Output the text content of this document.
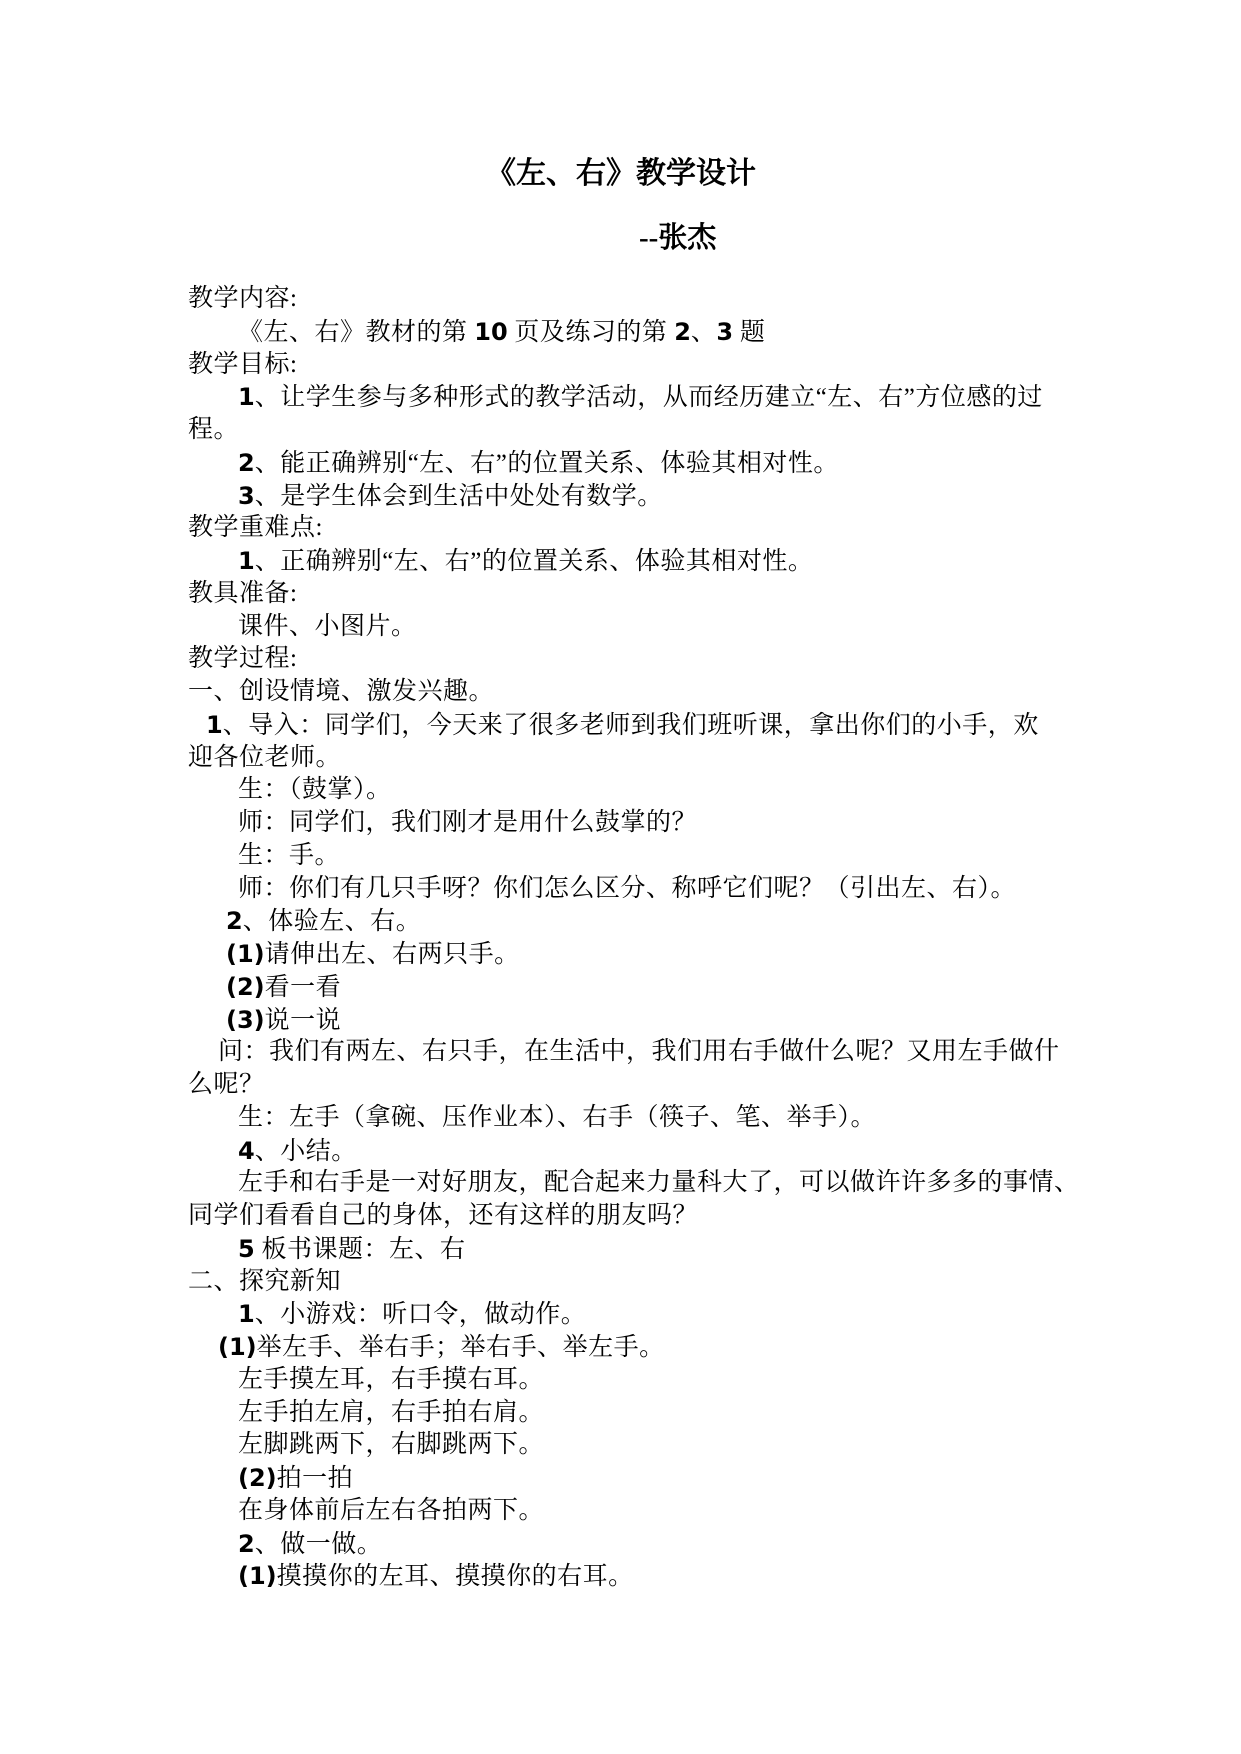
《左、右》教学设计
--张杰
教学内容:
《左、右》教材的第 10 页及练习的第 2、3 题
教学目标:
1、让学生参与多种形式的教学活动，从而经历建立“左、右”方位感的过
程。
2、能正确辨别“左、右”的位置关系、体验其相对性。
3、是学生体会到生活中处处有数学。
教学重难点:
1、正确辨别“左、右”的位置关系、体验其相对性。
教具准备:
课件、小图片。
教学过程:
一、创设情境、激发兴趣。
1、导入：同学们，今天来了很多老师到我们班听课，拿出你们的小手，欢
迎各位老师。
生：（鼓掌）。
师：同学们，我们刚才是用什么鼓掌的？
生：手。
师：你们有几只手呀？你们怎么区分、称呼它们呢？（引出左、右）。
2、体验左、右。
(1)请伸出左、右两只手。
(2)看一看
(3)说一说
问：我们有两左、右只手，在生活中，我们用右手做什么呢？又用左手做什
么呢？
生：左手（拿碗、压作业本）、右手（筷子、笔、举手）。
4、小结。
左手和右手是一对好朋友，配合起来力量科大了，可以做许许多多的事情、
同学们看看自己的身体，还有这样的朋友吗？
5 板书课题：左、右
二、探究新知
1、小游戏：听口令，做动作。
(1)举左手、举右手；举右手、举左手。
左手摸左耳，右手摸右耳。
左手拍左肩，右手拍右肩。
左脚跳两下，右脚跳两下。
(2)拍一拍
在身体前后左右各拍两下。
2、做一做。
(1)摸摸你的左耳、摸摸你的右耳。
